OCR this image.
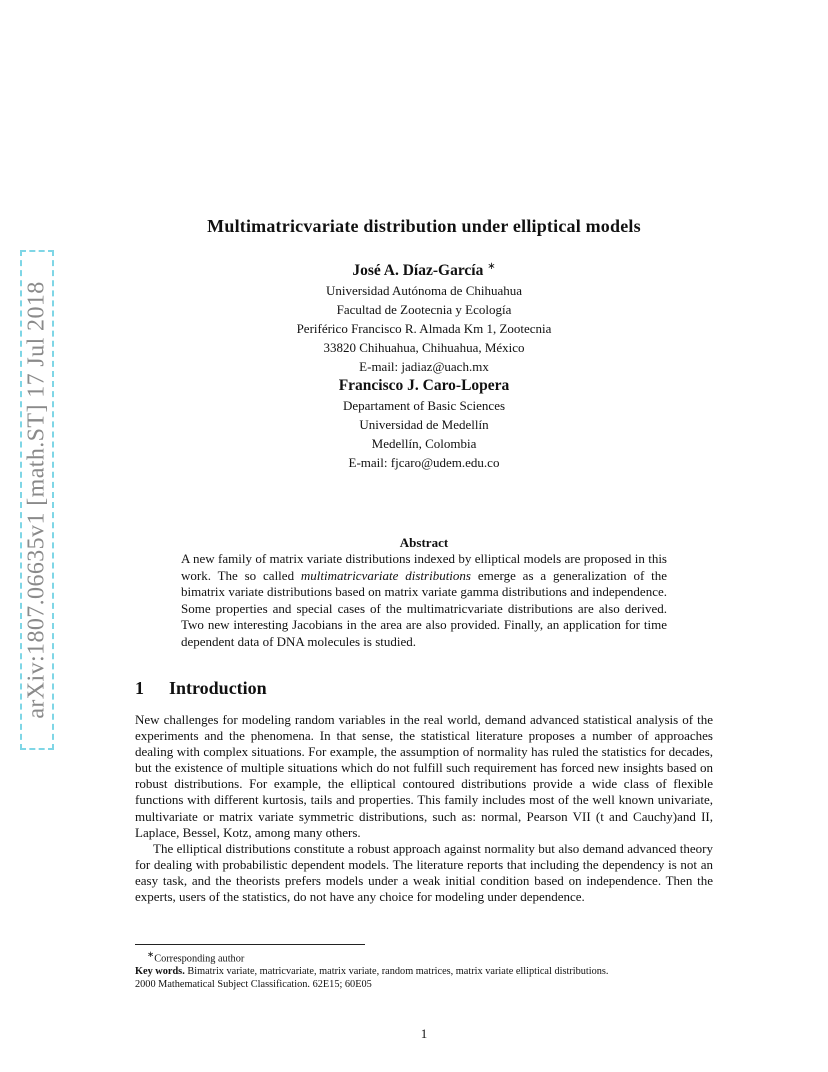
arXiv:1807.06635v1 [math.ST] 17 Jul 2018
Multimatricvariate distribution under elliptical models
José A. Díaz-García ∗
Universidad Autónoma de Chihuahua
Facultad de Zootecnia y Ecología
Periférico Francisco R. Almada Km 1, Zootecnia
33820 Chihuahua, Chihuahua, México
E-mail: jadiaz@uach.mx
Francisco J. Caro-Lopera
Departament of Basic Sciences
Universidad de Medellín
Medellín, Colombia
E-mail: fjcaro@udem.edu.co
Abstract
A new family of matrix variate distributions indexed by elliptical models are proposed in this work. The so called multimatricvariate distributions emerge as a generalization of the bimatrix variate distributions based on matrix variate gamma distributions and independence. Some properties and special cases of the multimatricvariate distributions are also derived. Two new interesting Jacobians in the area are also provided. Finally, an application for time dependent data of DNA molecules is studied.
1 Introduction

New challenges for modeling random variables in the real world, demand advanced statistical analysis of the experiments and the phenomena. In that sense, the statistical literature proposes a number of approaches dealing with complex situations. For example, the assumption of normality has ruled the statistics for decades, but the existence of multiple situations which do not fulfill such requirement has forced new insights based on robust distributions. For example, the elliptical contoured distributions provide a wide class of flexible functions with different kurtosis, tails and properties. This family includes most of the well known univariate, multivariate or matrix variate symmetric distributions, such as: normal, Pearson VII (t and Cauchy)and II, Laplace, Bessel, Kotz, among many others.

The elliptical distributions constitute a robust approach against normality but also demand advanced theory for dealing with probabilistic dependent models. The literature reports that including the dependency is not an easy task, and the theorists prefers models under a weak initial condition based on independence. Then the experts, users of the statistics, do not have any choice for modeling under dependence.

∗Corresponding author
Key words. Bimatrix variate, matricvariate, matrix variate, random matrices, matrix variate elliptical distributions.
2000 Mathematical Subject Classification. 62E15; 60E05
1
